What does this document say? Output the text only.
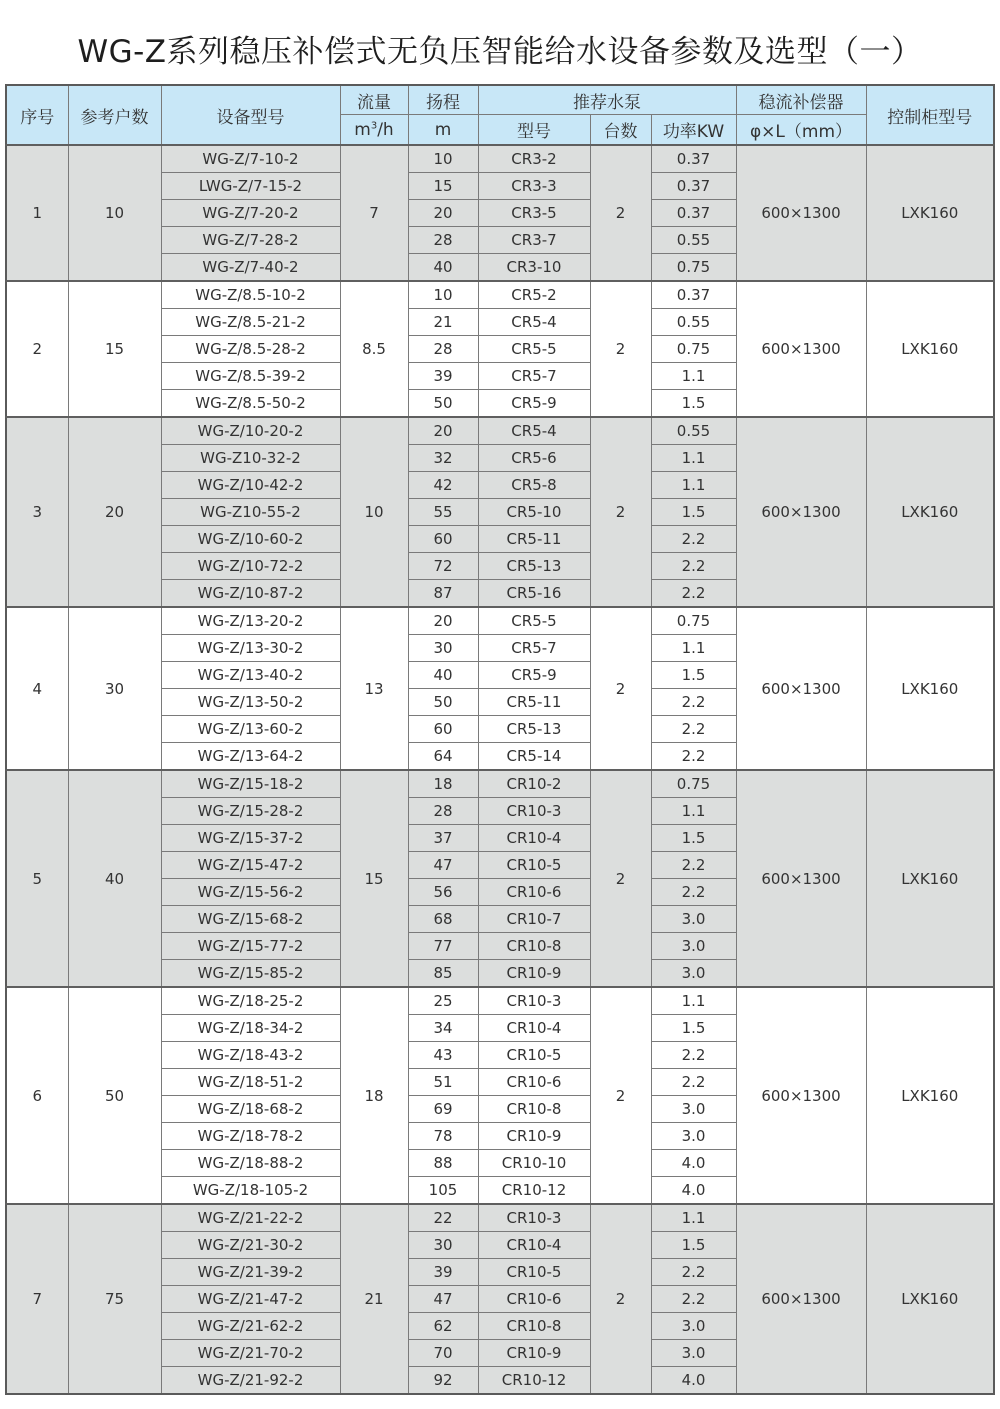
WG-Z系列稳压补偿式无负压智能给水设备参数及选型（一）
序号	参考户数	设备型号	流量	扬程	推荐水泵			稳流补偿器	控制柜型号
			$m^3/h$	m	型号	台数	功率KW	φ×L（mm）	
1	10	WG-Z/7-10-2	7	10	CR3-2	2	0.37	600×1300	LXK160
		LWG-Z/7-15-2		15	CR3-3		0.37		
		WG-Z/7-20-2		20	CR3-5		0.37		
		WG-Z/7-28-2		28	CR3-7		0.55		
		WG-Z/7-40-2		40	CR3-10		0.75		
2	15	WG-Z/8.5-10-2	8.5	10	CR5-2	2	0.37	600×1300	LXK160
		WG-Z/8.5-21-2		21	CR5-4		0.55		
		WG-Z/8.5-28-2		28	CR5-5		0.75		
		WG-Z/8.5-39-2		39	CR5-7		1.1		
		WG-Z/8.5-50-2		50	CR5-9		1.5		
3	20	WG-Z/10-20-2	10	20	CR5-4	2	0.55	600×1300	LXK160
		WG-Z10-32-2		32	CR5-6		1.1		
		WG-Z/10-42-2		42	CR5-8		1.1		
		WG-Z10-55-2		55	CR5-10		1.5		
		WG-Z/10-60-2		60	CR5-11		2.2		
		WG-Z/10-72-2		72	CR5-13		2.2		
		WG-Z/10-87-2		87	CR5-16		2.2		
4	30	WG-Z/13-20-2	13	20	CR5-5	2	0.75	600×1300	LXK160
		WG-Z/13-30-2		30	CR5-7		1.1		
		WG-Z/13-40-2		40	CR5-9		1.5		
		WG-Z/13-50-2		50	CR5-11		2.2		
		WG-Z/13-60-2		60	CR5-13		2.2		
		WG-Z/13-64-2		64	CR5-14		2.2		
5	40	WG-Z/15-18-2	15	18	CR10-2	2	0.75	600×1300	LXK160
		WG-Z/15-28-2		28	CR10-3		1.1		
		WG-Z/15-37-2		37	CR10-4		1.5		
		WG-Z/15-47-2		47	CR10-5		2.2		
		WG-Z/15-56-2		56	CR10-6		2.2		
		WG-Z/15-68-2		68	CR10-7		3.0		
		WG-Z/15-77-2		77	CR10-8		3.0		
		WG-Z/15-85-2		85	CR10-9		3.0		
6	50	WG-Z/18-25-2	18	25	CR10-3	2	1.1	600×1300	LXK160
		WG-Z/18-34-2		34	CR10-4		1.5		
		WG-Z/18-43-2		43	CR10-5		2.2		
		WG-Z/18-51-2		51	CR10-6		2.2		
		WG-Z/18-68-2		69	CR10-8		3.0		
		WG-Z/18-78-2		78	CR10-9		3.0		
		WG-Z/18-88-2		88	CR10-10		4.0		
		WG-Z/18-105-2		105	CR10-12		4.0		
7	75	WG-Z/21-22-2	21	22	CR10-3	2	1.1	600×1300	LXK160
		WG-Z/21-30-2		30	CR10-4		1.5		
		WG-Z/21-39-2		39	CR10-5		2.2		
		WG-Z/21-47-2		47	CR10-6		2.2		
		WG-Z/21-62-2		62	CR10-8		3.0		
		WG-Z/21-70-2		70	CR10-9		3.0		
		WG-Z/21-92-2		92	CR10-12		4.0		
